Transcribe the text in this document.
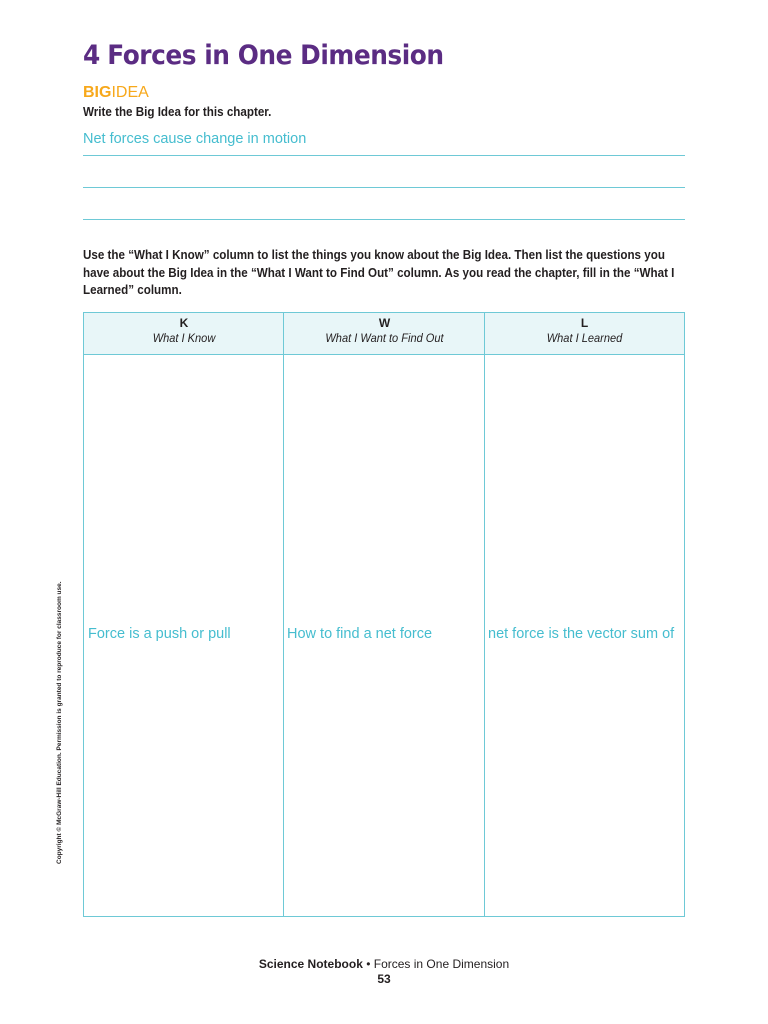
4 Forces in One Dimension
BIGIDEA
Write the Big Idea for this chapter.
Net forces cause change in motion
Use the “What I Know” column to list the things you know about the Big Idea. Then list the questions you have about the Big Idea in the “What I Want to Find Out” column. As you read the chapter, fill in the “What I Learned” column.
K
What I Know
W
What I Want to Find Out
L
What I Learned
Force is a push or pull	How to find a net force	net force is the vector sum of
Copyright © McGraw-Hill Education. Permission is granted to reproduce for classroom use.
Science Notebook • Forces in One Dimension
53
